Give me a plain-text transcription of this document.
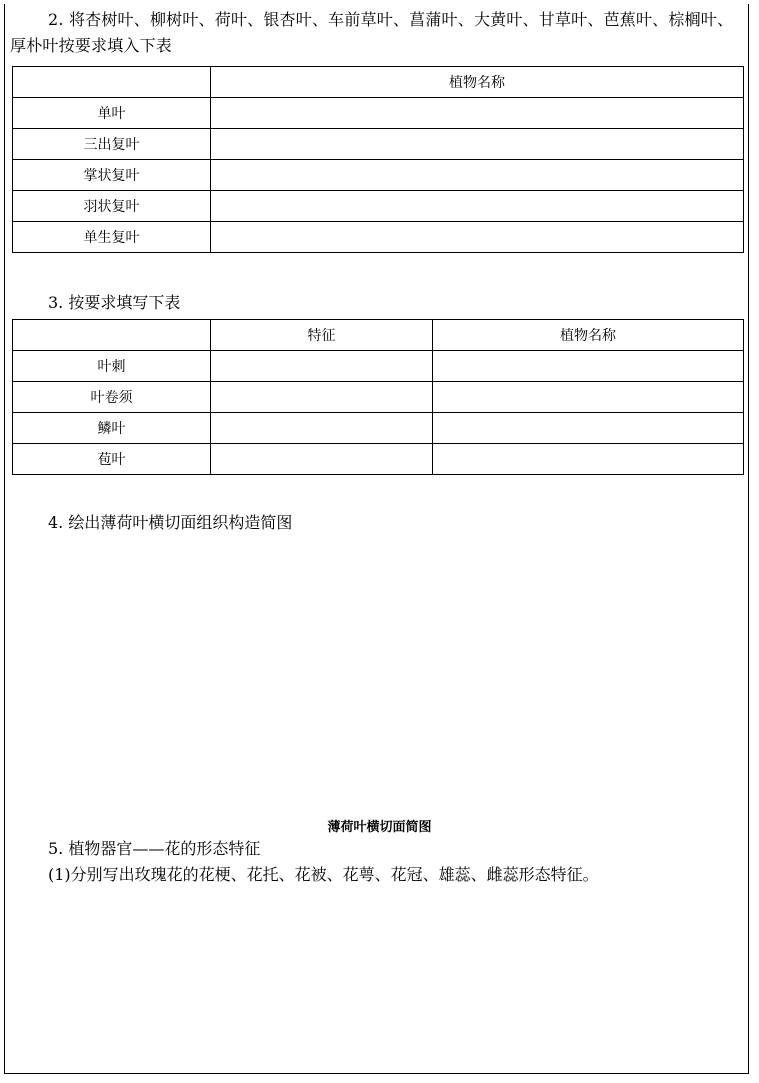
2. 将杏树叶、柳树叶、荷叶、银杏叶、车前草叶、菖蒲叶、大黄叶、甘草叶、芭蕉叶、棕榈叶、厚朴叶按要求填入下表
	植物名称
单叶	
三出复叶	
掌状复叶	
羽状复叶	
单生复叶	
3. 按要求填写下表
	特征	植物名称
叶刺		
叶卷须		
鳞叶		
苞叶		
4. 绘出薄荷叶横切面组织构造简图
薄荷叶横切面简图
5. 植物器官——花的形态特征
(1)分别写出玫瑰花的花梗、花托、花被、花萼、花冠、雄蕊、雌蕊形态特征。
